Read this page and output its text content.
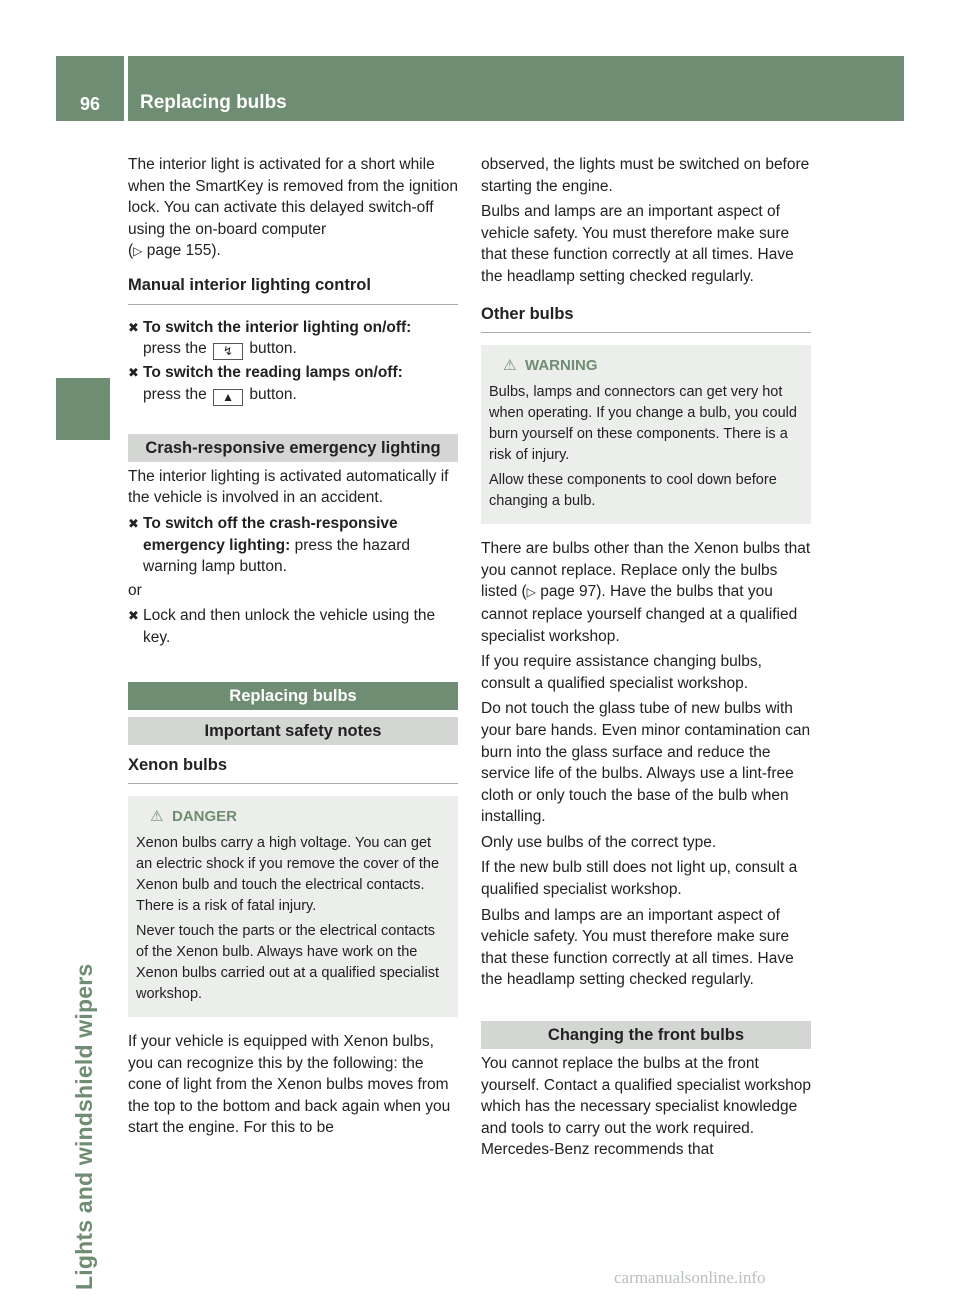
96	Replacing bulbs
Lights and windshield wipers

The interior light is activated for a short while when the SmartKey is removed from the ignition lock. You can activate this delayed switch-off using the on-board computer
(▷ page 155).

Manual interior lighting control
✖ To switch the interior lighting on/off:
press the ↯ button.
✖ To switch the reading lamps on/off:
press the ▲ button.
Crash-responsive emergency lighting

The interior lighting is activated automatically if the vehicle is involved in an accident.

✖ To switch off the crash-responsive emergency lighting: press the hazard warning lamp button.

or

✖ Lock and then unlock the vehicle using the key.
Replacing bulbs
Important safety notes
Xenon bulbs
⚠ DANGER

Xenon bulbs carry a high voltage. You can get an electric shock if you remove the cover of the Xenon bulb and touch the electrical contacts. There is a risk of fatal injury.

Never touch the parts or the electrical contacts of the Xenon bulb. Always have work on the Xenon bulbs carried out at a qualified specialist workshop.

If your vehicle is equipped with Xenon bulbs, you can recognize this by the following: the cone of light from the Xenon bulbs moves from the top to the bottom and back again when you start the engine. For this to be

observed, the lights must be switched on before starting the engine.

Bulbs and lamps are an important aspect of vehicle safety. You must therefore make sure that these function correctly at all times. Have the headlamp setting checked regularly.

Other bulbs
⚠ WARNING

Bulbs, lamps and connectors can get very hot when operating. If you change a bulb, you could burn yourself on these components. There is a risk of injury.

Allow these components to cool down before changing a bulb.

There are bulbs other than the Xenon bulbs that you cannot replace. Replace only the bulbs listed (▷ page 97). Have the bulbs that you cannot replace yourself changed at a qualified specialist workshop.

If you require assistance changing bulbs, consult a qualified specialist workshop.

Do not touch the glass tube of new bulbs with your bare hands. Even minor contamination can burn into the glass surface and reduce the service life of the bulbs. Always use a lint-free cloth or only touch the base of the bulb when installing.

Only use bulbs of the correct type.

If the new bulb still does not light up, consult a qualified specialist workshop.

Bulbs and lamps are an important aspect of vehicle safety. You must therefore make sure that these function correctly at all times. Have the headlamp setting checked regularly.

Changing the front bulbs

You cannot replace the bulbs at the front yourself. Contact a qualified specialist workshop which has the necessary specialist knowledge and tools to carry out the work required. Mercedes-Benz recommends that

carmanualsonline.info
